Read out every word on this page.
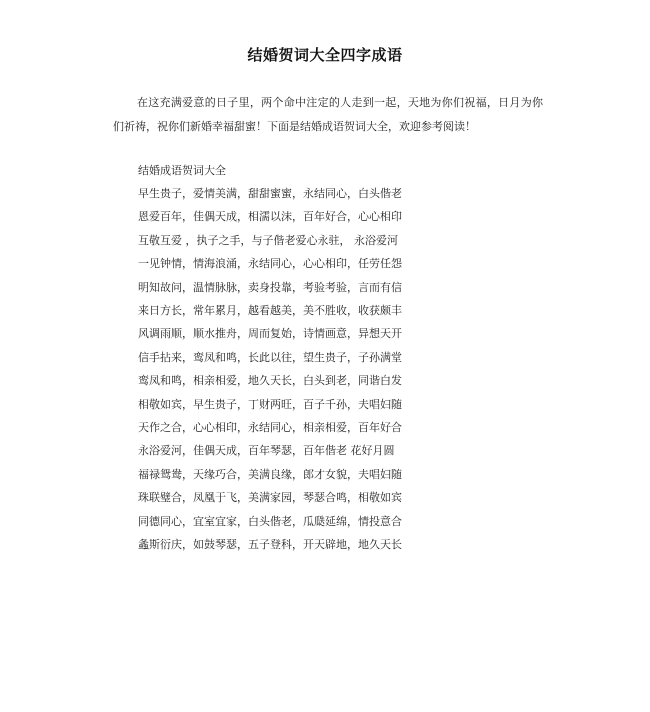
结婚贺词大全四字成语
在这充满爱意的日子里，两个命中注定的人走到一起，天地为你们祝福，日月为你们祈祷，祝你们新婚幸福甜蜜！下面是结婚成语贺词大全，欢迎参考阅读！
结婚成语贺词大全
早生贵子，爱情美满，甜甜蜜蜜，永结同心，白头偕老
恩爱百年，佳偶天成，相濡以沫，百年好合，心心相印
互敬互爱 ，执子之手，与子偕老爱心永驻， 永浴爱河
一见钟情，情海浪涌，永结同心，心心相印，任劳任怨
明知故问，温情脉脉，卖身投靠，考验考验，言而有信
来日方长，常年累月，越看越美，美不胜收，收获颇丰
风调雨顺，顺水推舟，周而复始，诗情画意，异想天开
信手拈来，鸾凤和鸣，长此以往，望生贵子，子孙满堂
鸾凤和鸣，相亲相爱，地久天长，白头到老，同谐白发
相敬如宾，早生贵子，丁财两旺，百子千孙，夫唱妇随
天作之合，心心相印，永结同心，相亲相爱，百年好合
永浴爱河，佳偶天成，百年琴瑟，百年偕老 花好月圆
福禄鸳鸯，天缘巧合，美满良缘，郎才女貌，夫唱妇随
珠联璧合，凤凰于飞，美满家园，琴瑟合鸣，相敬如宾
同德同心，宜室宜家，白头偕老，瓜瓞延绵，情投意合
螽斯衍庆，如鼓琴瑟，五子登科，开天辟地，地久天长
